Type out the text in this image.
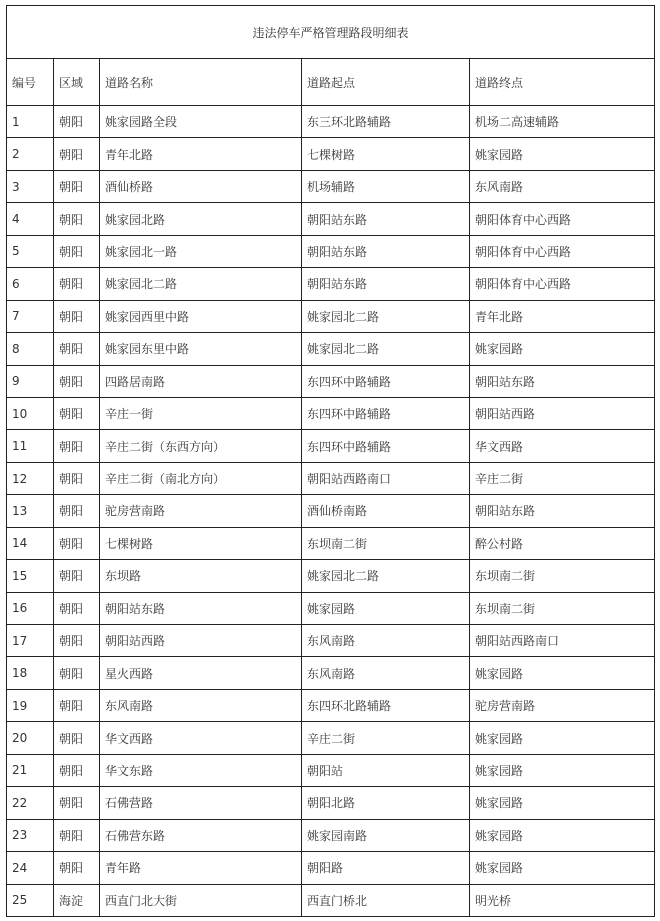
违法停车严格管理路段明细表				
编号	区域	道路名称	道路起点	道路终点
1	朝阳	姚家园路全段	东三环北路辅路	机场二高速辅路
2	朝阳	青年北路	七棵树路	姚家园路
3	朝阳	酒仙桥路	机场辅路	东风南路
4	朝阳	姚家园北路	朝阳站东路	朝阳体育中心西路
5	朝阳	姚家园北一路	朝阳站东路	朝阳体育中心西路
6	朝阳	姚家园北二路	朝阳站东路	朝阳体育中心西路
7	朝阳	姚家园西里中路	姚家园北二路	青年北路
8	朝阳	姚家园东里中路	姚家园北二路	姚家园路
9	朝阳	四路居南路	东四环中路辅路	朝阳站东路
10	朝阳	辛庄一街	东四环中路辅路	朝阳站西路
11	朝阳	辛庄二街（东西方向）	东四环中路辅路	华文西路
12	朝阳	辛庄二街（南北方向）	朝阳站西路南口	辛庄二街
13	朝阳	驼房营南路	酒仙桥南路	朝阳站东路
14	朝阳	七棵树路	东坝南二街	醉公村路
15	朝阳	东坝路	姚家园北二路	东坝南二街
16	朝阳	朝阳站东路	姚家园路	东坝南二街
17	朝阳	朝阳站西路	东风南路	朝阳站西路南口
18	朝阳	星火西路	东风南路	姚家园路
19	朝阳	东风南路	东四环北路辅路	驼房营南路
20	朝阳	华文西路	辛庄二街	姚家园路
21	朝阳	华文东路	朝阳站	姚家园路
22	朝阳	石佛营路	朝阳北路	姚家园路
23	朝阳	石佛营东路	姚家园南路	姚家园路
24	朝阳	青年路	朝阳路	姚家园路
25	海淀	西直门北大街	西直门桥北	明光桥
